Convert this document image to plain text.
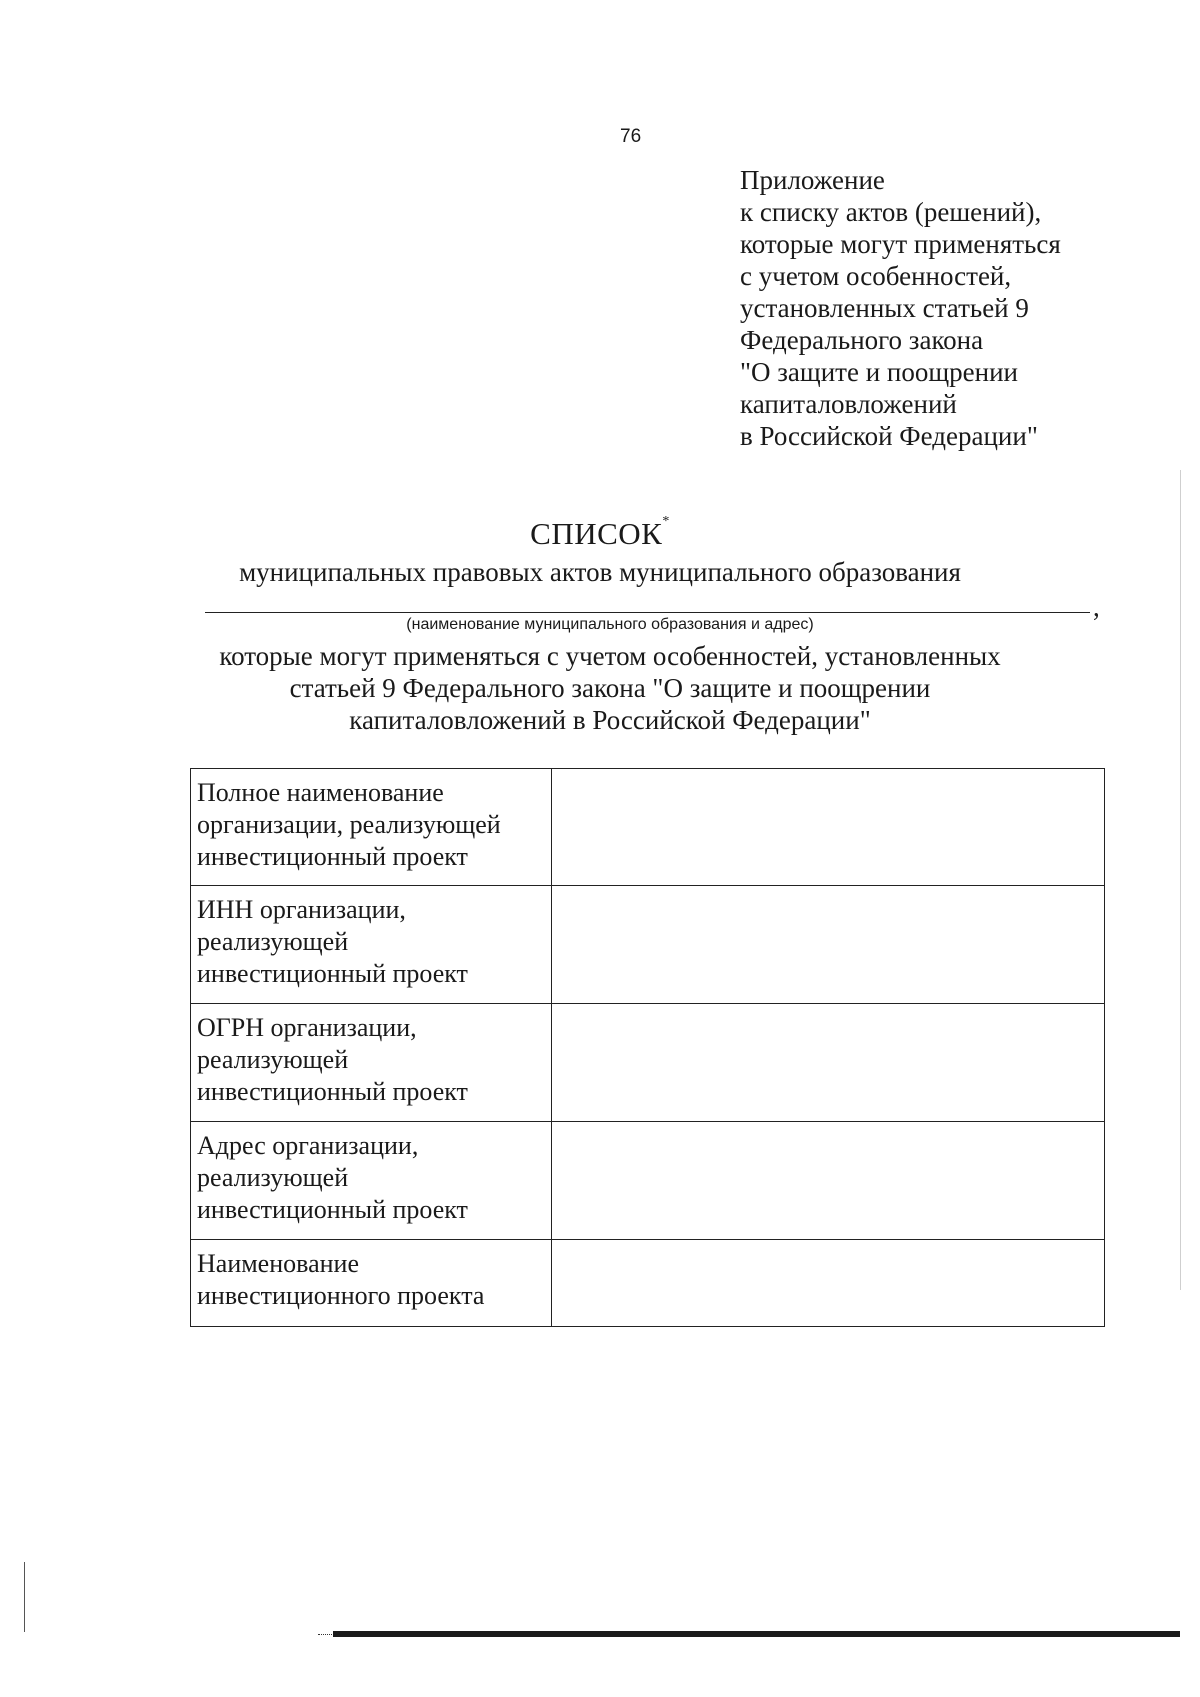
76
Приложение
к списку актов (решений),
которые могут применяться
с учетом особенностей,
установленных статьей 9
Федерального закона
"О защите и поощрении
капиталовложений
в Российской Федерации"
СПИСОК*
муниципальных правовых актов муниципального образования
,
(наименование муниципального образования и адрес)
которые могут применяться с учетом особенностей, установленных
статьей 9 Федерального закона "О защите и поощрении
капиталовложений в Российской Федерации"
Полное наименование
организации, реализующей
инвестиционный проект	

ИНН организации,
реализующей
инвестиционный проект	

ОГРН организации,
реализующей
инвестиционный проект	

Адрес организации,
реализующей
инвестиционный проект	

Наименование
инвестиционного проекта	
